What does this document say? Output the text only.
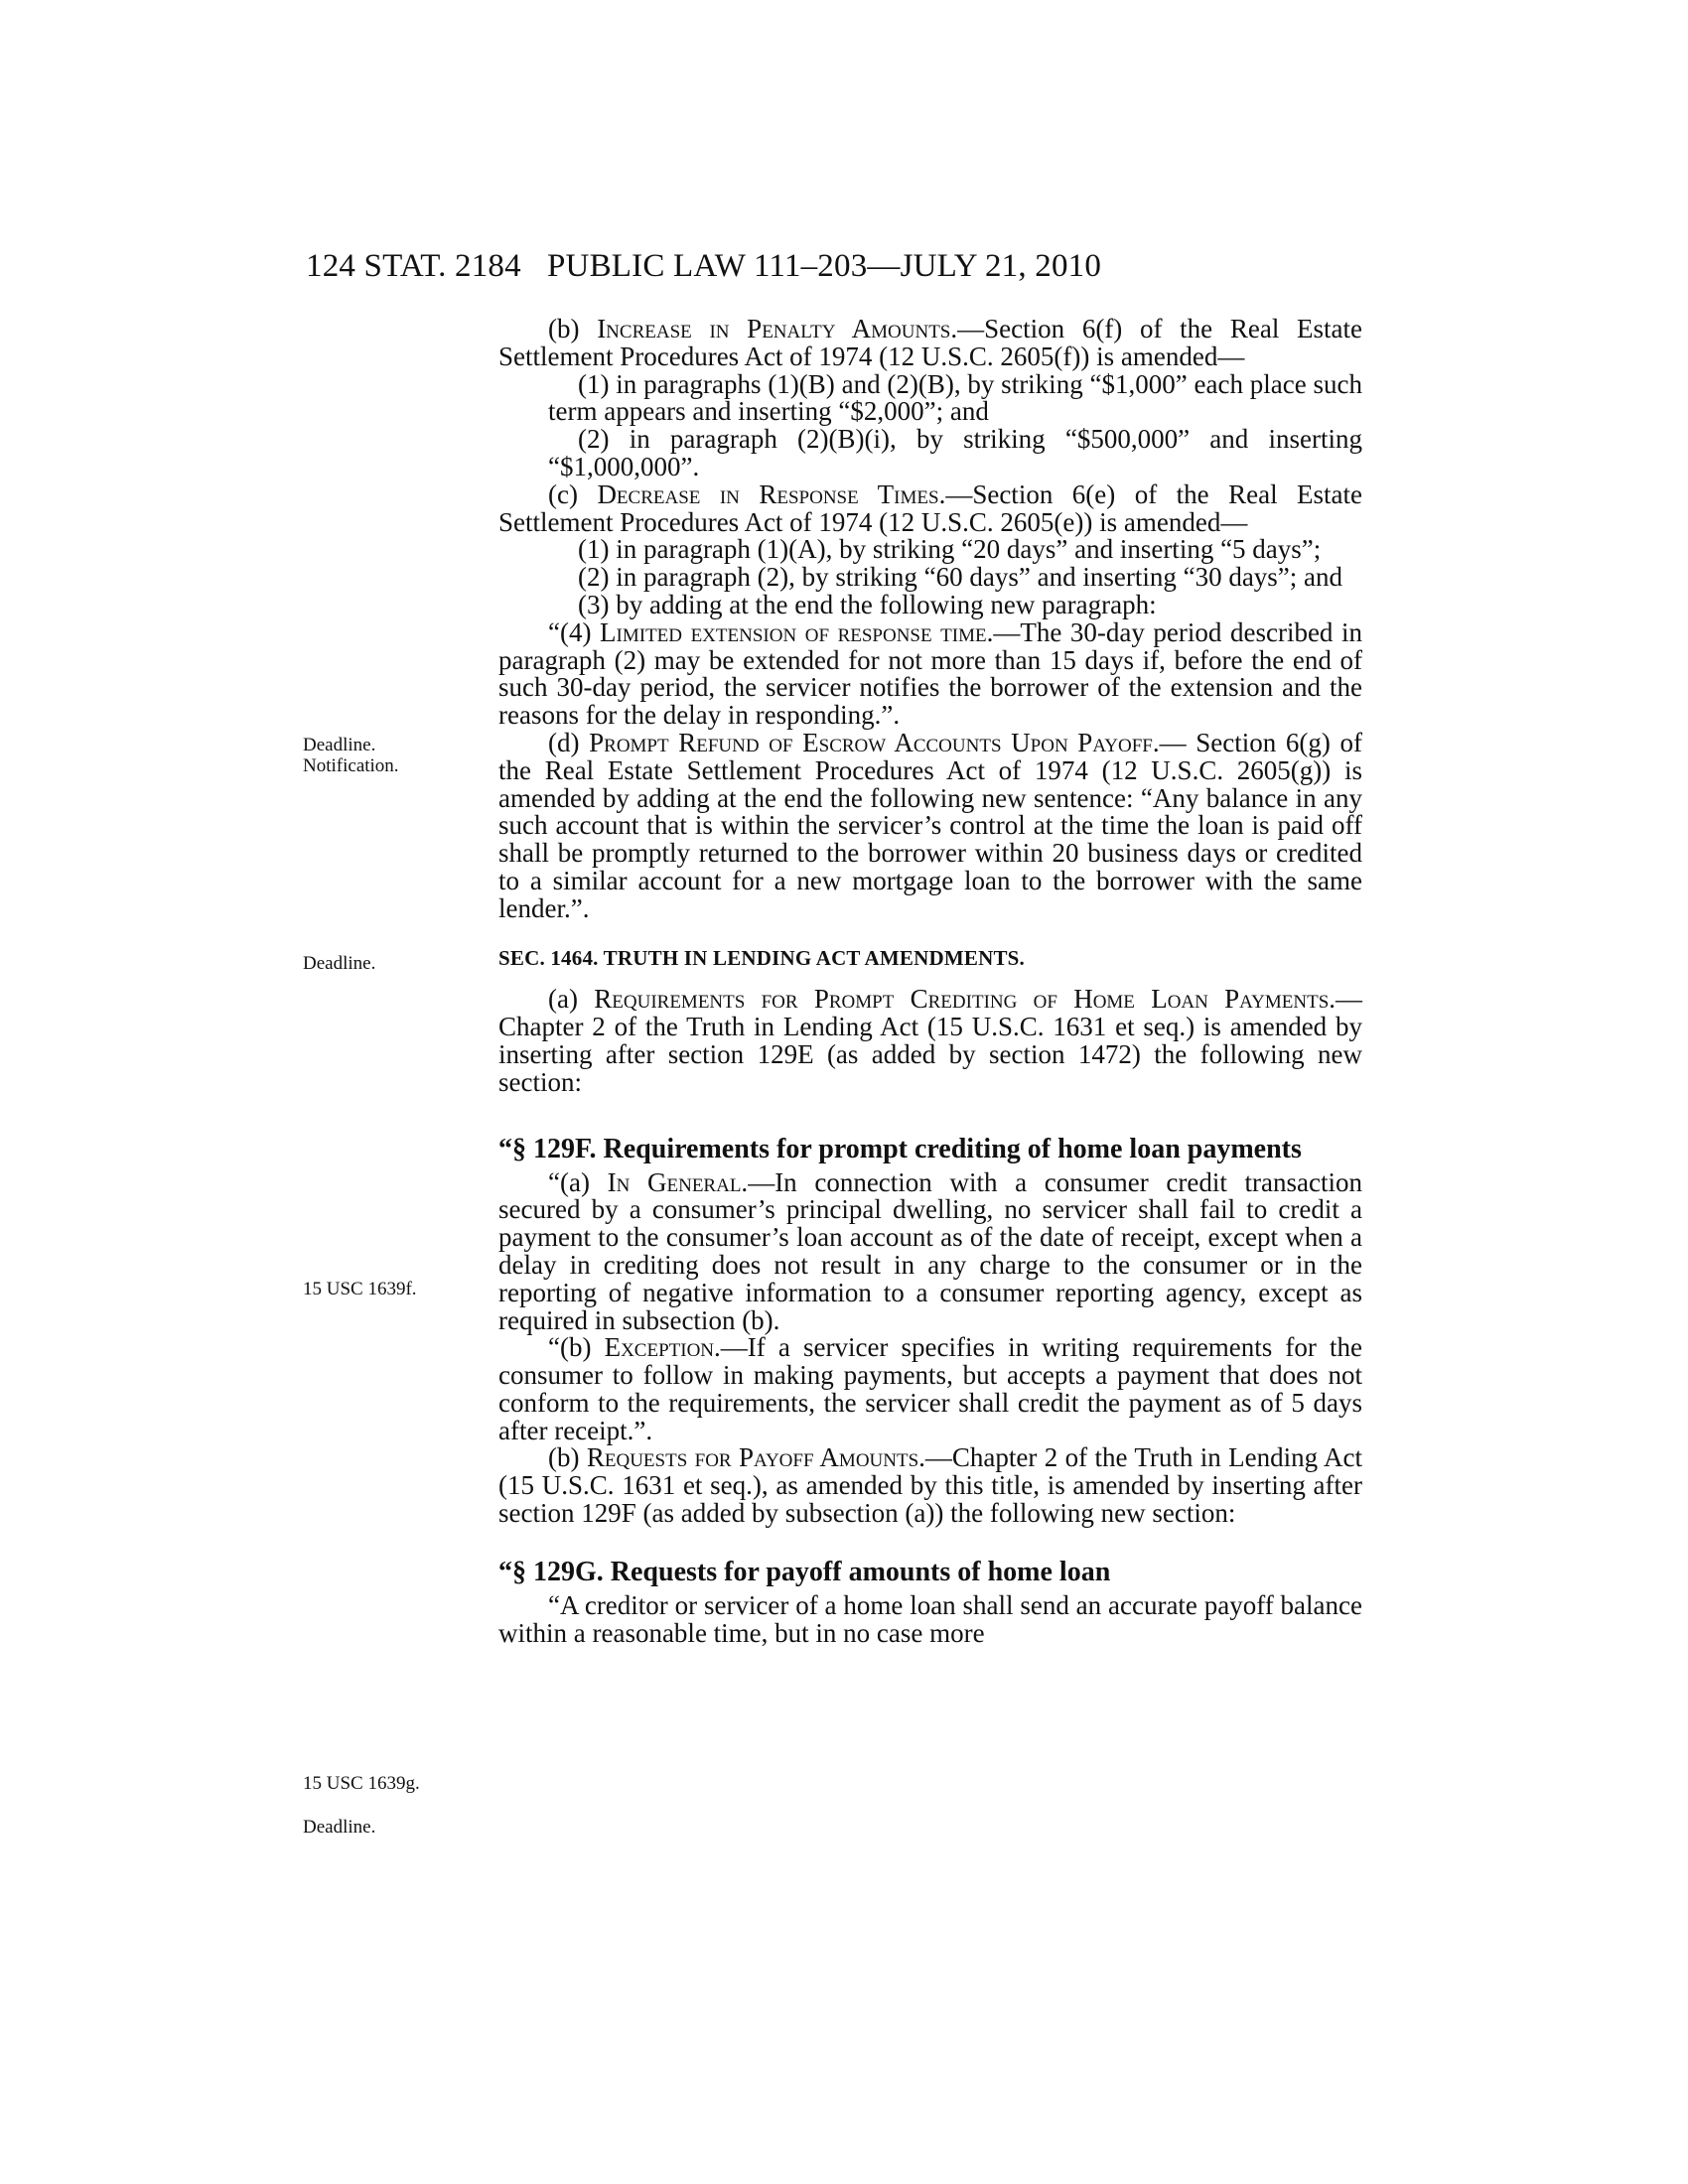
124 STAT. 2184 PUBLIC LAW 111–203—JULY 21, 2010
Deadline.
Notification.
Deadline.
15 USC 1639f.
15 USC 1639g.
Deadline.

(b) Increase in Penalty Amounts.—Section 6(f) of the Real Estate Settlement Procedures Act of 1974 (12 U.S.C. 2605(f)) is amended—

(1) in paragraphs (1)(B) and (2)(B), by striking “$1,000” each place such term appears and inserting “$2,000”; and

(2) in paragraph (2)(B)(i), by striking “$500,000” and inserting “$1,000,000”.

(c) Decrease in Response Times.—Section 6(e) of the Real Estate Settlement Procedures Act of 1974 (12 U.S.C. 2605(e)) is amended—

(1) in paragraph (1)(A), by striking “20 days” and inserting “5 days”;

(2) in paragraph (2), by striking “60 days” and inserting “30 days”; and

(3) by adding at the end the following new paragraph:

“(4) Limited extension of response time.—The 30-day period described in paragraph (2) may be extended for not more than 15 days if, before the end of such 30-day period, the servicer notifies the borrower of the extension and the reasons for the delay in responding.”.

(d) Prompt Refund of Escrow Accounts Upon Payoff.— Section 6(g) of the Real Estate Settlement Procedures Act of 1974 (12 U.S.C. 2605(g)) is amended by adding at the end the following new sentence: “Any balance in any such account that is within the servicer’s control at the time the loan is paid off shall be promptly returned to the borrower within 20 business days or credited to a similar account for a new mortgage loan to the borrower with the same lender.”.

SEC. 1464. TRUTH IN LENDING ACT AMENDMENTS.

(a) Requirements for Prompt Crediting of Home Loan Payments.—Chapter 2 of the Truth in Lending Act (15 U.S.C. 1631 et seq.) is amended by inserting after section 129E (as added by section 1472) the following new section:

“§ 129F. Requirements for prompt crediting of home loan payments

“(a) In General.—In connection with a consumer credit transaction secured by a consumer’s principal dwelling, no servicer shall fail to credit a payment to the consumer’s loan account as of the date of receipt, except when a delay in crediting does not result in any charge to the consumer or in the reporting of negative information to a consumer reporting agency, except as required in subsection (b).

“(b) Exception.—If a servicer specifies in writing requirements for the consumer to follow in making payments, but accepts a payment that does not conform to the requirements, the servicer shall credit the payment as of 5 days after receipt.”.

(b) Requests for Payoff Amounts.—Chapter 2 of the Truth in Lending Act (15 U.S.C. 1631 et seq.), as amended by this title, is amended by inserting after section 129F (as added by subsection (a)) the following new section:

“§ 129G. Requests for payoff amounts of home loan

“A creditor or servicer of a home loan shall send an accurate payoff balance within a reasonable time, but in no case more
